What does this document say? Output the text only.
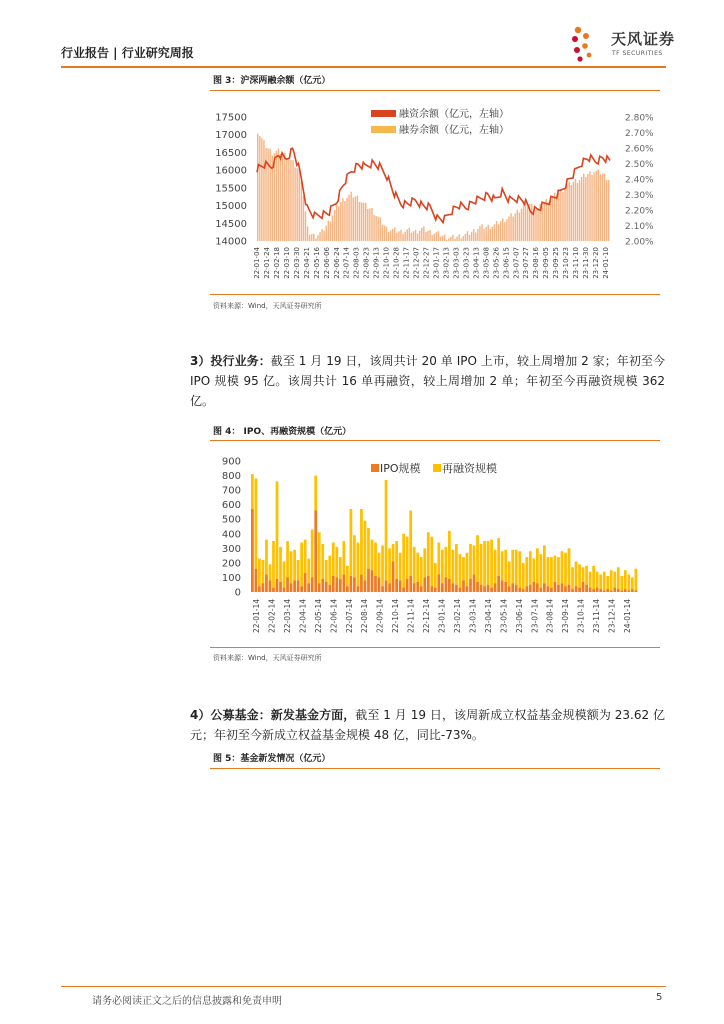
行业报告 | 行业研究周报
天风证券
TF SECURITIES
图 3：沪深两融余额（亿元）
14000
14500
15000
15500
16000
16500
17000
17500
2.00%
2.10%
2.20%
2.30%
2.40%
2.50%
2.60%
2.70%
2.80%
22-01-04 22-01-24 22-02-18 22-03-10 22-03-30 22-04-21 22-05-16 22-06-06 22-06-24 22-07-14 22-08-03 22-08-23 22-09-13 22-10-10 22-10-28 22-11-17 22-12-07 22-12-27 23-01-17 23-02-13 23-03-03 23-03-23 23-04-13 23-05-08 23-05-26 23-06-15 23-07-07 23-07-27 23-08-16 23-09-05 23-09-25 23-10-23 23-11-10 23-11-30 23-12-20 24-01-10
融资余额（亿元，左轴）
融券余额（亿元，左轴）
资料来源：Wind，天风证券研究所
3）投行业务：截至 1 月 19 日，该周共计 20 单 IPO 上市，较上周增加 2 家；年初至今 IPO 规模 95 亿。该周共计 16 单再融资，较上周增加 2 单；年初至今再融资规模 362 亿。
图 4： IPO、再融资规模（亿元）
0
100
200
300
400
500
600
700
800
900
22-01-14 22-02-14 22-03-14 22-04-14 22-05-14 22-06-14 22-07-14 22-08-14 22-09-14 22-10-14 22-11-14 22-12-14 23-01-14 23-02-14 23-03-14 23-04-14 23-05-14 23-06-14 23-07-14 23-08-14 23-09-14 23-10-14 23-11-14 23-12-14 24-01-14
IPO规模 再融资规模
资料来源：Wind，天风证券研究所
4）公募基金：新发基金方面，截至 1 月 19 日，该周新成立权益基金规模额为 23.62 亿元；年初至今新成立权益基金规模 48 亿，同比-73%。
图 5：基金新发情况（亿元）
请务必阅读正文之后的信息披露和免责申明	5
